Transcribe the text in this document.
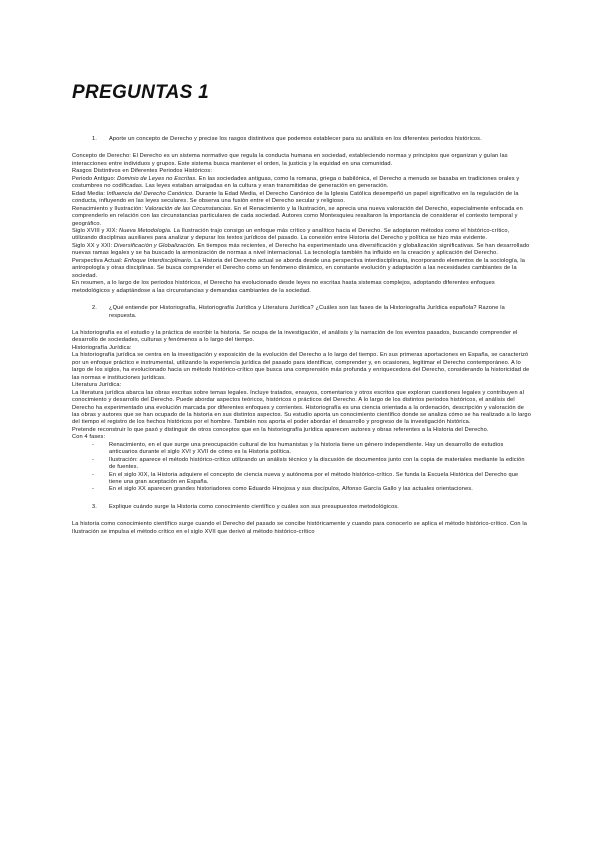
PREGUNTAS 1

1. Aporte un concepto de Derecho y precise los rasgos distintivos que podemos establecer para su análisis en los diferentes periodos históricos.

Concepto de Derecho: El Derecho es un sistema normativo que regula la conducta humana en sociedad, estableciendo normas y principios que organizan y guían las interacciones entre individuos y grupos. Este sistema busca mantener el orden, la justicia y la equidad en una comunidad.

Rasgos Distintivos en Diferentes Periodos Históricos:

Periodo Antiguo: Dominio de Leyes no Escritas. En las sociedades antiguas, como la romana, griega o babilónica, el Derecho a menudo se basaba en tradiciones orales y costumbres no codificadas. Las leyes estaban arraigadas en la cultura y eran transmitidas de generación en generación.

Edad Media: Influencia del Derecho Canónico. Durante la Edad Media, el Derecho Canónico de la Iglesia Católica desempeñó un papel significativo en la regulación de la conducta, influyendo en las leyes seculares. Se observa una fusión entre el Derecho secular y religioso.

Renacimiento y Ilustración: Valoración de las Circunstancias. En el Renacimiento y la Ilustración, se aprecia una nueva valoración del Derecho, especialmente enfocada en comprenderlo en relación con las circunstancias particulares de cada sociedad. Autores como Montesquieu resaltaron la importancia de considerar el contexto temporal y geográfico.

Siglo XVIII y XIX: Nueva Metodología. La Ilustración trajo consigo un enfoque más crítico y analítico hacia el Derecho. Se adoptaron métodos como el histórico-crítico, utilizando disciplinas auxiliares para analizar y depurar los textos jurídicos del pasado. La conexión entre Historia del Derecho y política se hizo más evidente.

Siglo XX y XXI: Diversificación y Globalización. En tiempos más recientes, el Derecho ha experimentado una diversificación y globalización significativas. Se han desarrollado nuevas ramas legales y se ha buscado la armonización de normas a nivel internacional. La tecnología también ha influido en la creación y aplicación del Derecho.

Perspectiva Actual: Enfoque Interdisciplinario. La Historia del Derecho actual se aborda desde una perspectiva interdisciplinaria, incorporando elementos de la sociología, la antropología y otras disciplinas. Se busca comprender el Derecho como un fenómeno dinámico, en constante evolución y adaptación a las necesidades cambiantes de la sociedad.

En resumen, a lo largo de los periodos históricos, el Derecho ha evolucionado desde leyes no escritas hasta sistemas complejos, adoptando diferentes enfoques metodológicos y adaptándose a las circunstancias y demandas cambiantes de la sociedad.

2. ¿Qué entiende por Historiografía, Historiografía Jurídica y Literatura Jurídica? ¿Cuáles son las fases de la Historiografía Jurídica española? Razone la respuesta.

La historiografía es el estudio y la práctica de escribir la historia. Se ocupa de la investigación, el análisis y la narración de los eventos pasados, buscando comprender el desarrollo de sociedades, culturas y fenómenos a lo largo del tiempo.

Historiografía Jurídica:

La historiografía jurídica se centra en la investigación y exposición de la evolución del Derecho a lo largo del tiempo. En sus primeras aportaciones en España, se caracterizó por un enfoque práctico e instrumental, utilizando la experiencia jurídica del pasado para identificar, comprender y, en ocasiones, legitimar el Derecho contemporáneo. A lo largo de los siglos, ha evolucionado hacia un método histórico-crítico que busca una comprensión más profunda y enriquecedora del Derecho, considerando la historicidad de las normas e instituciones jurídicas.

Literatura Jurídica:

La literatura jurídica abarca las obras escritas sobre temas legales. Incluye tratados, ensayos, comentarios y otros escritos que exploran cuestiones legales y contribuyen al conocimiento y desarrollo del Derecho. Puede abordar aspectos teóricos, históricos o prácticos del Derecho. A lo largo de los distintos periodos históricos, el análisis del Derecho ha experimentado una evolución marcada por diferentes enfoques y corrientes. Historiografía es una ciencia orientada a la ordenación, descripción y valoración de las obras y autores que se han ocupado de la historia en sus distintos aspectos. Su estudio aporta un conocimiento científico donde se analiza cómo se ha realizado a lo largo del tiempo el registro de los hechos históricos por el hombre. También nos aporta el poder abordar el desarrollo y progreso de la investigación histórica.

Pretende reconstruir lo que pasó y distinguir de otros conceptos que en la historiografía jurídica aparecen autores y obras referentes a la Historia del Derecho.

Con 4 fases:

-	Renacimiento, en el que surge una preocupación cultural de los humanistas y la historia tiene un género independiente. Hay un desarrollo de estudios anticuarios durante el siglo XVI y XVII de cómo es la Historia política.
-	Ilustración: aparece el método histórico-crítico utilizando un análisis técnico y la discusión de documentos junto con la copia de materiales mediante la edición de fuentes.
-	En el siglo XIX, la Historia adquiere el concepto de ciencia nueva y autónoma por el método histórico-crítico. Se funda la Escuela Histórica del Derecho que tiene una gran aceptación en España.
-	En el siglo XX aparecen grandes historiadores como Eduardo Hinojosa y sus discípulos, Alfonso García Gallo y las actuales orientaciones.

3. Explique cuándo surge la Historia como conocimiento científico y cuáles son sus presupuestos metodológicos.

La historia como conocimiento científico surge cuando el Derecho del pasado se concibe históricamente y cuando para conocerlo se aplica el método histórico-crítico. Con la Ilustración se impulsa el método crítico en el siglo XVII que derivó al método histórico-crítico
